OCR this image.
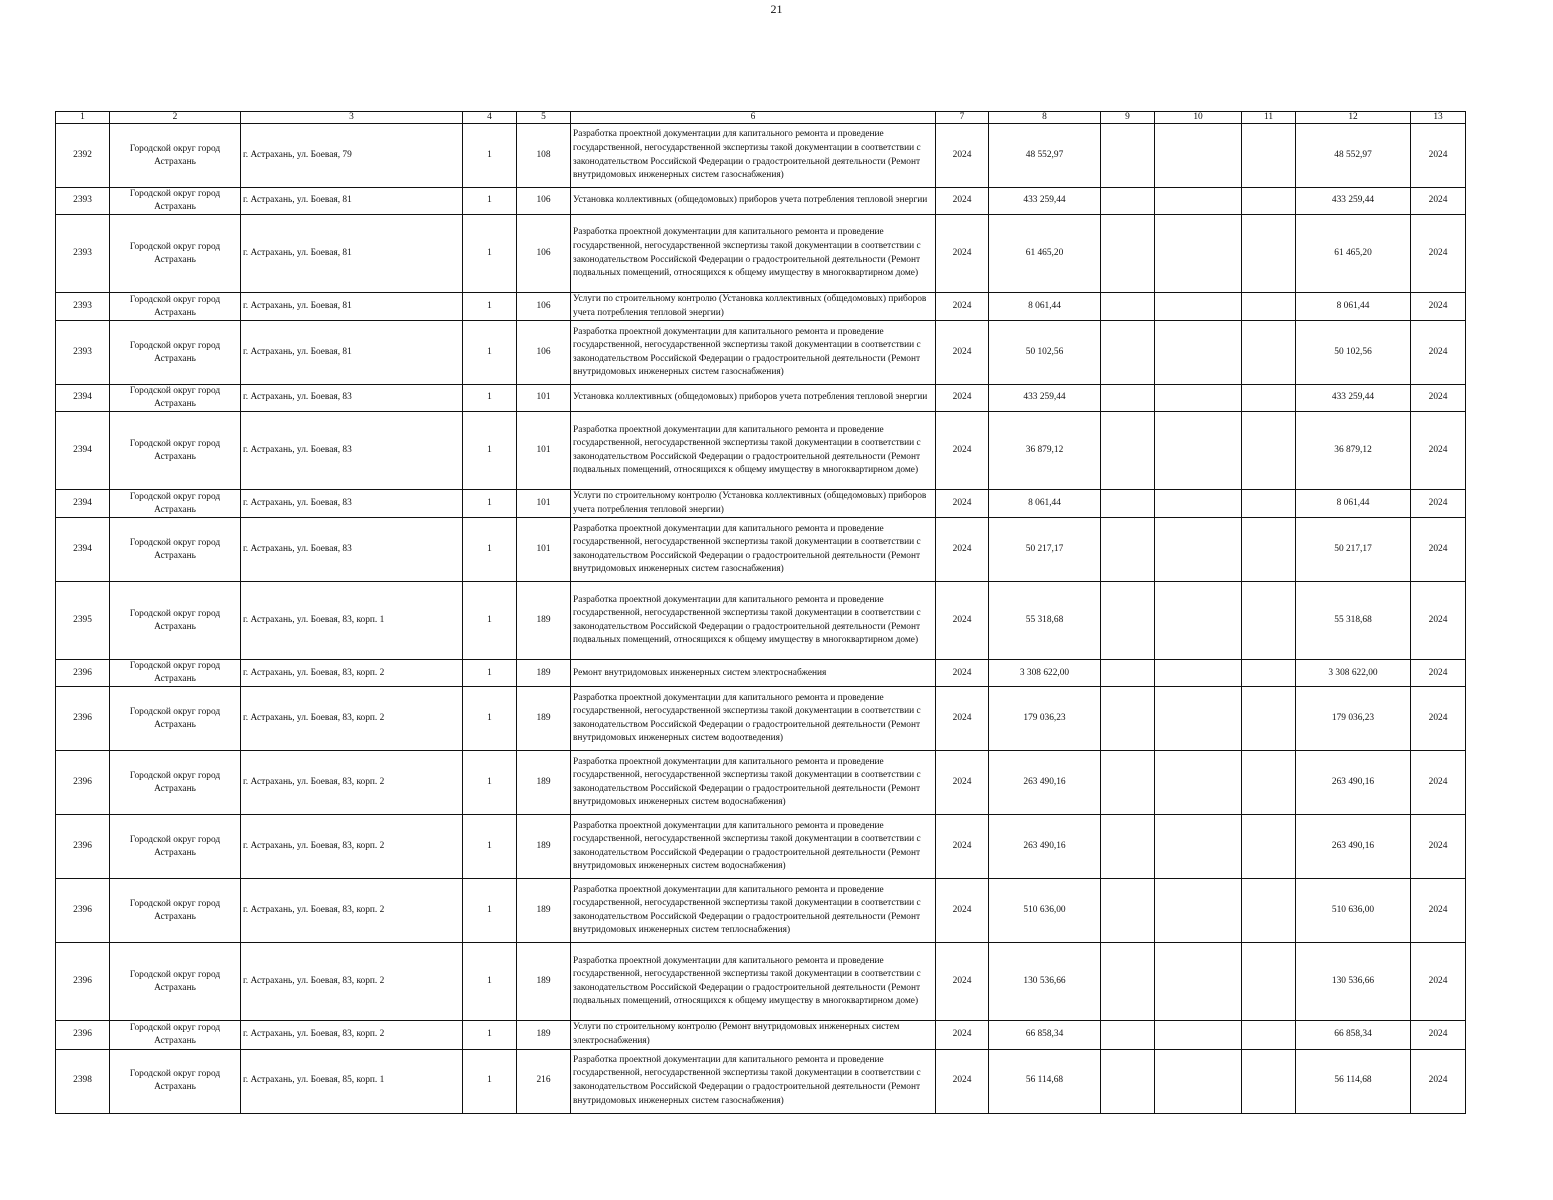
21
1	2	3	4	5	6	7	8	9	10	11	12	13
2392	Городской округ город Астрахань	г. Астрахань, ул. Боевая, 79	1	108	Разработка проектной документации для капитального ремонта и проведение государственной, негосударственной экспертизы такой документации в соответствии с законодательством Российской Федерации о градостроительной деятельности (Ремонт внутридомовых инженерных систем газоснабжения)	2024	48 552,97				48 552,97	2024
2393	Городской округ город Астрахань	г. Астрахань, ул. Боевая, 81	1	106	Установка коллективных (общедомовых) приборов учета потребления тепловой энергии	2024	433 259,44				433 259,44	2024
2393	Городской округ город Астрахань	г. Астрахань, ул. Боевая, 81	1	106	Разработка проектной документации для капитального ремонта и проведение государственной, негосударственной экспертизы такой документации в соответствии с законодательством Российской Федерации о градостроительной деятельности (Ремонт подвальных помещений, относящихся к общему имуществу в многоквартирном доме)	2024	61 465,20				61 465,20	2024
2393	Городской округ город Астрахань	г. Астрахань, ул. Боевая, 81	1	106	Услуги по строительному контролю (Установка коллективных (общедомовых) приборов учета потребления тепловой энергии)	2024	8 061,44				8 061,44	2024
2393	Городской округ город Астрахань	г. Астрахань, ул. Боевая, 81	1	106	Разработка проектной документации для капитального ремонта и проведение государственной, негосударственной экспертизы такой документации в соответствии с законодательством Российской Федерации о градостроительной деятельности (Ремонт внутридомовых инженерных систем газоснабжения)	2024	50 102,56				50 102,56	2024
2394	Городской округ город Астрахань	г. Астрахань, ул. Боевая, 83	1	101	Установка коллективных (общедомовых) приборов учета потребления тепловой энергии	2024	433 259,44				433 259,44	2024
2394	Городской округ город Астрахань	г. Астрахань, ул. Боевая, 83	1	101	Разработка проектной документации для капитального ремонта и проведение государственной, негосударственной экспертизы такой документации в соответствии с законодательством Российской Федерации о градостроительной деятельности (Ремонт подвальных помещений, относящихся к общему имуществу в многоквартирном доме)	2024	36 879,12				36 879,12	2024
2394	Городской округ город Астрахань	г. Астрахань, ул. Боевая, 83	1	101	Услуги по строительному контролю (Установка коллективных (общедомовых) приборов учета потребления тепловой энергии)	2024	8 061,44				8 061,44	2024
2394	Городской округ город Астрахань	г. Астрахань, ул. Боевая, 83	1	101	Разработка проектной документации для капитального ремонта и проведение государственной, негосударственной экспертизы такой документации в соответствии с законодательством Российской Федерации о градостроительной деятельности (Ремонт внутридомовых инженерных систем газоснабжения)	2024	50 217,17				50 217,17	2024
2395	Городской округ город Астрахань	г. Астрахань, ул. Боевая, 83, корп. 1	1	189	Разработка проектной документации для капитального ремонта и проведение государственной, негосударственной экспертизы такой документации в соответствии с законодательством Российской Федерации о градостроительной деятельности (Ремонт подвальных помещений, относящихся к общему имуществу в многоквартирном доме)	2024	55 318,68				55 318,68	2024
2396	Городской округ город Астрахань	г. Астрахань, ул. Боевая, 83, корп. 2	1	189	Ремонт внутридомовых инженерных систем электроснабжения	2024	3 308 622,00				3 308 622,00	2024
2396	Городской округ город Астрахань	г. Астрахань, ул. Боевая, 83, корп. 2	1	189	Разработка проектной документации для капитального ремонта и проведение государственной, негосударственной экспертизы такой документации в соответствии с законодательством Российской Федерации о градостроительной деятельности (Ремонт внутридомовых инженерных систем водоотведения)	2024	179 036,23				179 036,23	2024
2396	Городской округ город Астрахань	г. Астрахань, ул. Боевая, 83, корп. 2	1	189	Разработка проектной документации для капитального ремонта и проведение государственной, негосударственной экспертизы такой документации в соответствии с законодательством Российской Федерации о градостроительной деятельности (Ремонт внутридомовых инженерных систем водоснабжения)	2024	263 490,16				263 490,16	2024
2396	Городской округ город Астрахань	г. Астрахань, ул. Боевая, 83, корп. 2	1	189	Разработка проектной документации для капитального ремонта и проведение государственной, негосударственной экспертизы такой документации в соответствии с законодательством Российской Федерации о градостроительной деятельности (Ремонт внутридомовых инженерных систем водоснабжения)	2024	263 490,16				263 490,16	2024
2396	Городской округ город Астрахань	г. Астрахань, ул. Боевая, 83, корп. 2	1	189	Разработка проектной документации для капитального ремонта и проведение государственной, негосударственной экспертизы такой документации в соответствии с законодательством Российской Федерации о градостроительной деятельности (Ремонт внутридомовых инженерных систем теплоснабжения)	2024	510 636,00				510 636,00	2024
2396	Городской округ город Астрахань	г. Астрахань, ул. Боевая, 83, корп. 2	1	189	Разработка проектной документации для капитального ремонта и проведение государственной, негосударственной экспертизы такой документации в соответствии с законодательством Российской Федерации о градостроительной деятельности (Ремонт подвальных помещений, относящихся к общему имуществу в многоквартирном доме)	2024	130 536,66				130 536,66	2024
2396	Городской округ город Астрахань	г. Астрахань, ул. Боевая, 83, корп. 2	1	189	Услуги по строительному контролю (Ремонт внутридомовых инженерных систем электроснабжения)	2024	66 858,34				66 858,34	2024
2398	Городской округ город Астрахань	г. Астрахань, ул. Боевая, 85, корп. 1	1	216	Разработка проектной документации для капитального ремонта и проведение государственной, негосударственной экспертизы такой документации в соответствии с законодательством Российской Федерации о градостроительной деятельности (Ремонт внутридомовых инженерных систем газоснабжения)	2024	56 114,68				56 114,68	2024
